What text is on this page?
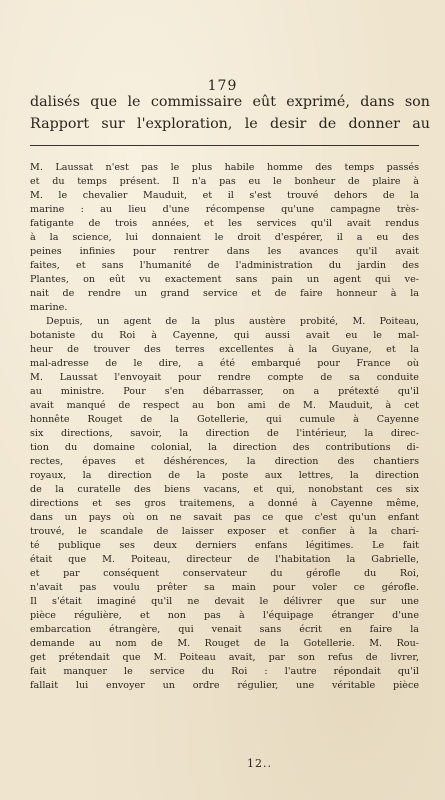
179
dalisés que le commissaire eût exprimé, dans son
Rapport sur l'exploration, le desir de donner au
M. Laussat n'est pas le plus habile homme des temps passés
et du temps présent. Il n'a pas eu le bonheur de plaire à
M. le chevalier Mauduit, et il s'est trouvé dehors de la
marine : au lieu d'une récompense qu'une campagne très-
fatigante de trois années, et les services qu'il avait rendus
à la science, lui donnaient le droit d'espérer, il a eu des
peines infinies pour rentrer dans les avances qu'il avait
faites, et sans l'humanité de l'administration du jardin des
Plantes, on eût vu exactement sans pain un agent qui ve-
nait de rendre un grand service et de faire honneur à la
marine.
Depuis, un agent de la plus austère probité, M. Poiteau,
botaniste du Roi à Cayenne, qui aussi avait eu le mal-
heur de trouver des terres excellentes à la Guyane, et la
mal-adresse de le dire, a été embarqué pour France où
M. Laussat l'envoyait pour rendre compte de sa conduite
au ministre. Pour s'en débarrasser, on a prétexté qu'il
avait manqué de respect au bon ami de M. Mauduit, à cet
honnête Rouget de la Gotellerie, qui cumule à Cayenne
six directions, savoir, la direction de l'intérieur, la direc-
tion du domaine colonial, la direction des contributions di-
rectes, épaves et déshérences, la direction des chantiers
royaux, la direction de la poste aux lettres, la direction
de la curatelle des biens vacans, et qui, nonobstant ces six
directions et ses gros traitemens, a donné à Cayenne même,
dans un pays où on ne savait pas ce que c'est qu'un enfant
trouvé, le scandale de laisser exposer et confier à la chari-
té publique ses deux derniers enfans légitimes. Le fait
était que M. Poiteau, directeur de l'habitation la Gabrielle,
et par conséquent conservateur du gérofle du Roi,
n'avait pas voulu prêter sa main pour voler ce gérofle.
Il s'était imaginé qu'il ne devait le délivrer que sur une
pièce régulière, et non pas à l'équipage étranger d'une
embarcation étrangère, qui venait sans écrit en faire la
demande au nom de M. Rouget de la Gotellerie. M. Rou-
get prétendait que M. Poiteau avait, par son refus de livrer,
fait manquer le service du Roi : l'autre répondait qu'il
fallait lui envoyer un ordre régulier, une véritable pièce
12..
